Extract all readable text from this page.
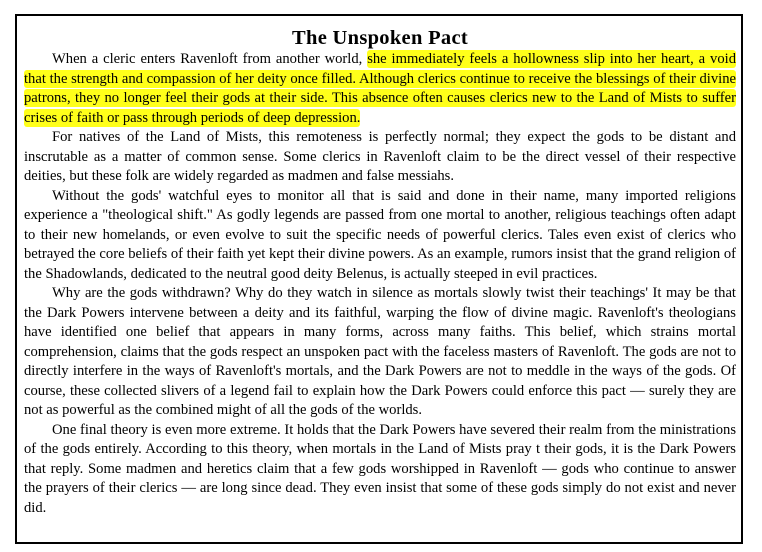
The Unspoken Pact

When a cleric enters Ravenloft from another world, she immediately feels a hollowness slip into her heart, a void that the strength and compassion of her deity once filled. Although clerics continue to receive the blessings of their divine patrons, they no longer feel their gods at their side. This absence often causes clerics new to the Land of Mists to suffer crises of faith or pass through periods of deep depression.

For natives of the Land of Mists, this remoteness is perfectly normal; they expect the gods to be distant and inscrutable as a matter of common sense. Some clerics in Ravenloft claim to be the direct vessel of their respective deities, but these folk are widely regarded as madmen and false messiahs.

Without the gods' watchful eyes to monitor all that is said and done in their name, many imported religions experience a "theological shift." As godly legends are passed from one mortal to another, religious teachings often adapt to their new homelands, or even evolve to suit the specific needs of powerful clerics. Tales even exist of clerics who betrayed the core beliefs of their faith yet kept their divine powers. As an example, rumors insist that the grand religion of the Shadowlands, dedicated to the neutral good deity Belenus, is actually steeped in evil practices.

Why are the gods withdrawn? Why do they watch in silence as mortals slowly twist their teachings' It may be that the Dark Powers intervene between a deity and its faithful, warping the flow of divine magic. Ravenloft's theologians have identified one belief that appears in many forms, across many faiths. This belief, which strains mortal comprehension, claims that the gods respect an unspoken pact with the faceless masters of Ravenloft. The gods are not to directly interfere in the ways of Ravenloft's mortals, and the Dark Powers are not to meddle in the ways of the gods. Of course, these collected slivers of a legend fail to explain how the Dark Powers could enforce this pact — surely they are not as powerful as the combined might of all the gods of the worlds.

One final theory is even more extreme. It holds that the Dark Powers have severed their realm from the ministrations of the gods entirely. According to this theory, when mortals in the Land of Mists pray t their gods, it is the Dark Powers that reply. Some madmen and heretics claim that a few gods worshipped in Ravenloft — gods who continue to answer the prayers of their clerics — are long since dead. They even insist that some of these gods simply do not exist and never did.
